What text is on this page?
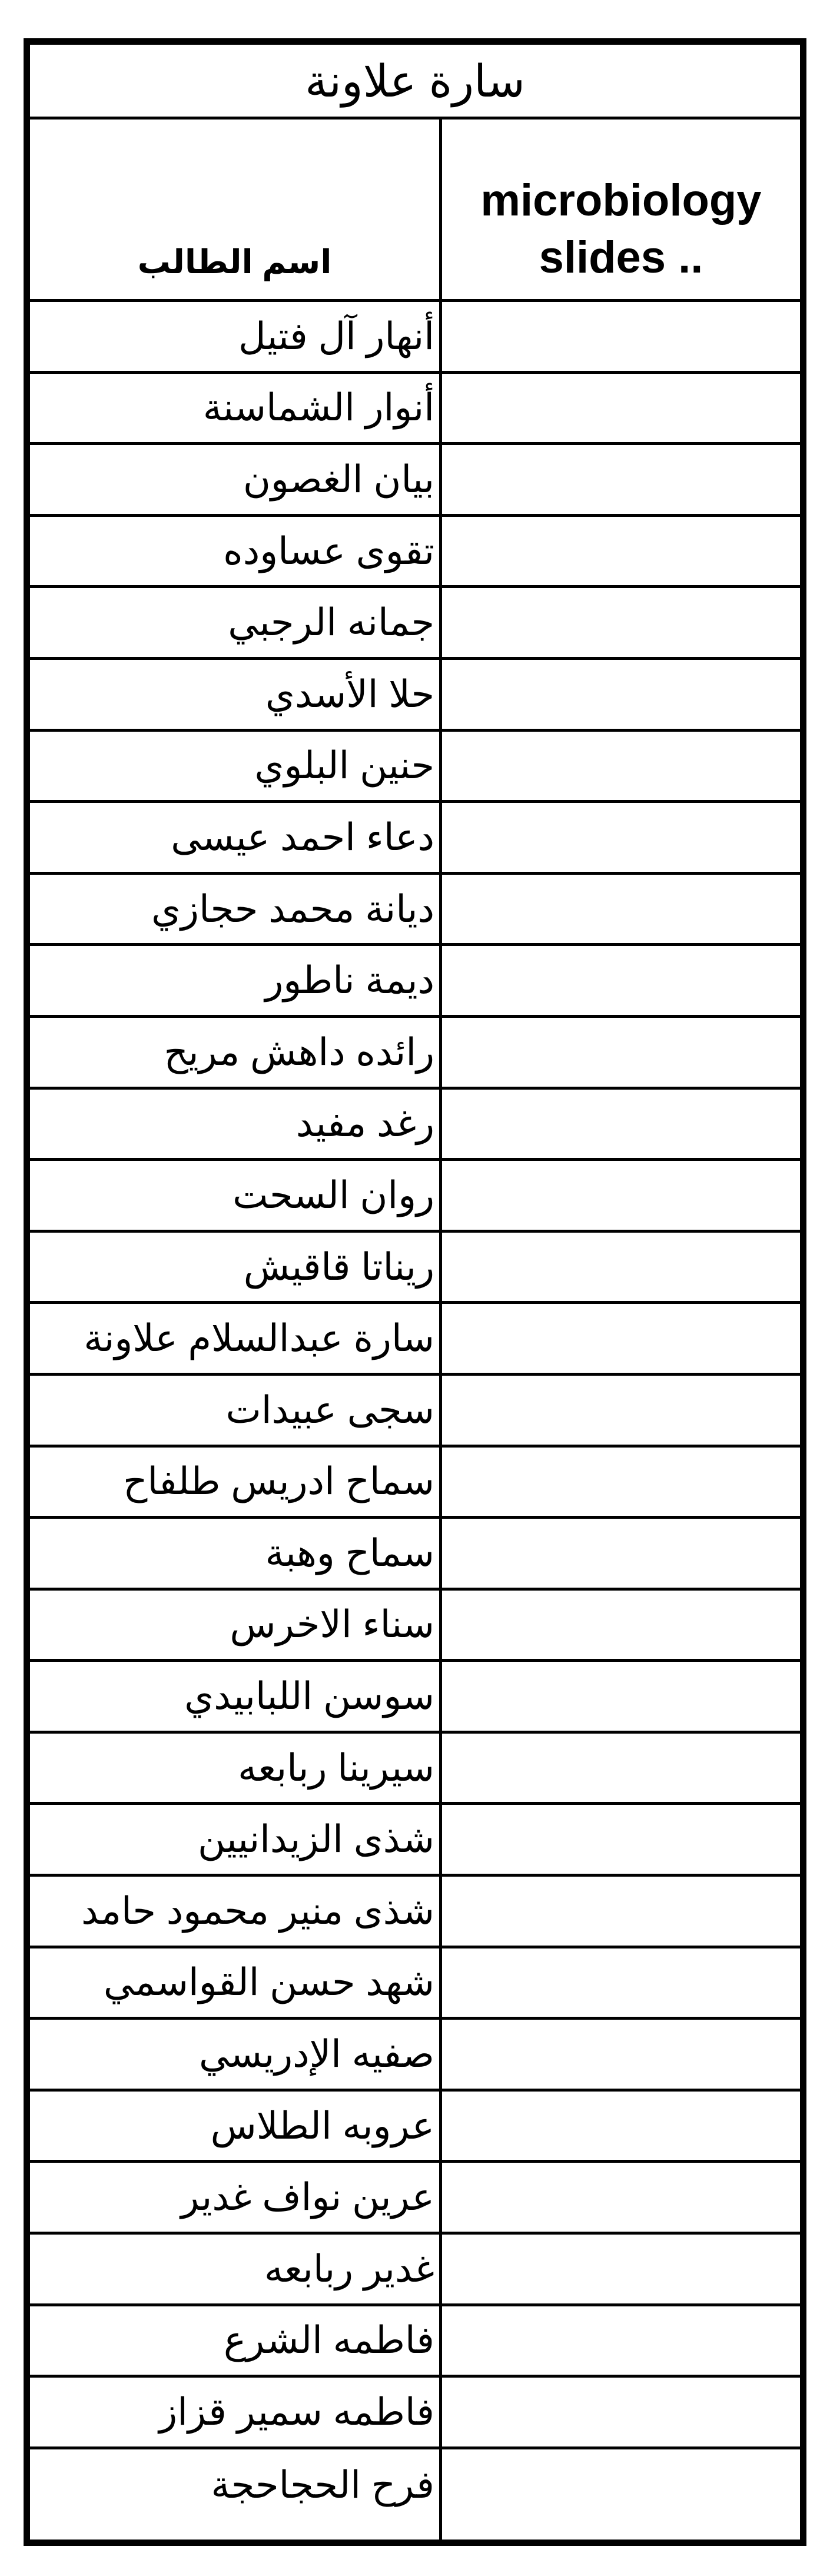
سارة علاونة
اسم الطالب
microbiology slides ..
أنهار آل فتيل
أنوار الشماسنة
بيان الغصون
تقوى عساوده
جمانه الرجبي
حلا الأسدي
حنين البلوي
دعاء احمد عيسى
ديانة محمد حجازي
ديمة ناطور
رائده داهش مريح
رغد مفيد
روان السحت
ريناتا قاقيش
سارة عبدالسلام علاونة
سجى عبيدات
سماح ادريس طلفاح
سماح وهبة
سناء الاخرس
سوسن اللبابيدي
سيرينا ربابعه
شذى الزيدانيين
شذى منير محمود حامد
شهد حسن القواسمي
صفيه الإدريسي
عروبه الطلاس
عرين نواف غدير
غدير ربابعه
فاطمه الشرع
فاطمه سمير قزاز
فرح الحجاحجة
